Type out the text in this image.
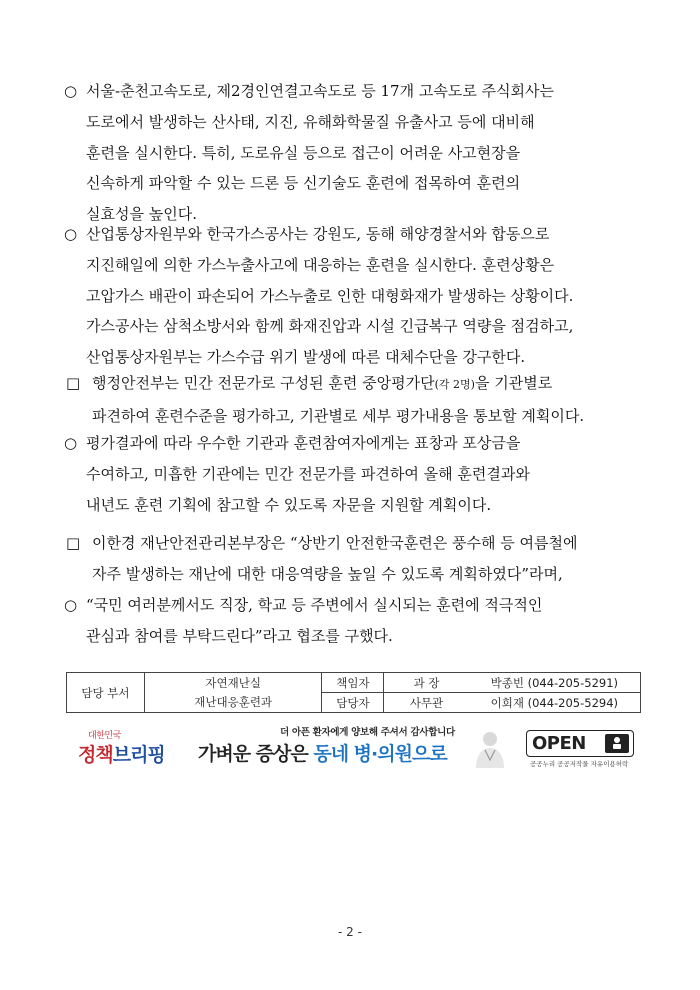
○ 서울-춘천고속도로, 제2경인연결고속도로 등 17개 고속도로 주식회사는
도로에서 발생하는 산사태, 지진, 유해화학물질 유출사고 등에 대비해
훈련을 실시한다. 특히, 도로유실 등으로 접근이 어려운 사고현장을
신속하게 파악할 수 있는 드론 등 신기술도 훈련에 접목하여 훈련의
실효성을 높인다.
○ 산업통상자원부와 한국가스공사는 강원도, 동해 해양경찰서와 합동으로
지진해일에 의한 가스누출사고에 대응하는 훈련을 실시한다. 훈련상황은
고압가스 배관이 파손되어 가스누출로 인한 대형화재가 발생하는 상황이다.
가스공사는 삼척소방서와 함께 화재진압과 시설 긴급복구 역량을 점검하고,
산업통상자원부는 가스수급 위기 발생에 따른 대체수단을 강구한다.
□ 행정안전부는 민간 전문가로 구성된 훈련 중앙평가단(각 2명)을 기관별로
파견하여 훈련수준을 평가하고, 기관별로 세부 평가내용을 통보할 계획이다.
○ 평가결과에 따라 우수한 기관과 훈련참여자에게는 표창과 포상금을
수여하고, 미흡한 기관에는 민간 전문가를 파견하여 올해 훈련결과와
내년도 훈련 기획에 참고할 수 있도록 자문을 지원할 계획이다.
□ 이한경 재난안전관리본부장은 “상반기 안전한국훈련은 풍수해 등 여름철에
자주 발생하는 재난에 대한 대응역량을 높일 수 있도록 계획하였다”라며,
○ “국민 여러분께서도 직장, 학교 등 주변에서 실시되는 훈련에 적극적인
관심과 참여를 부탁드린다”라고 협조를 구했다.
담당 부서	자연재난실	책임자	과 장	박종빈 (044-205-5291)
	재난대응훈련과	담당자	사무관	이희재 (044-205-5294)
대한민국
정책브리핑
더 아픈 환자에게 양보해 주셔서 감사합니다
가벼운 증상은 동네 병·의원으로	OPEN
공공누리 공공저작물 자유이용허락
- 2 -
